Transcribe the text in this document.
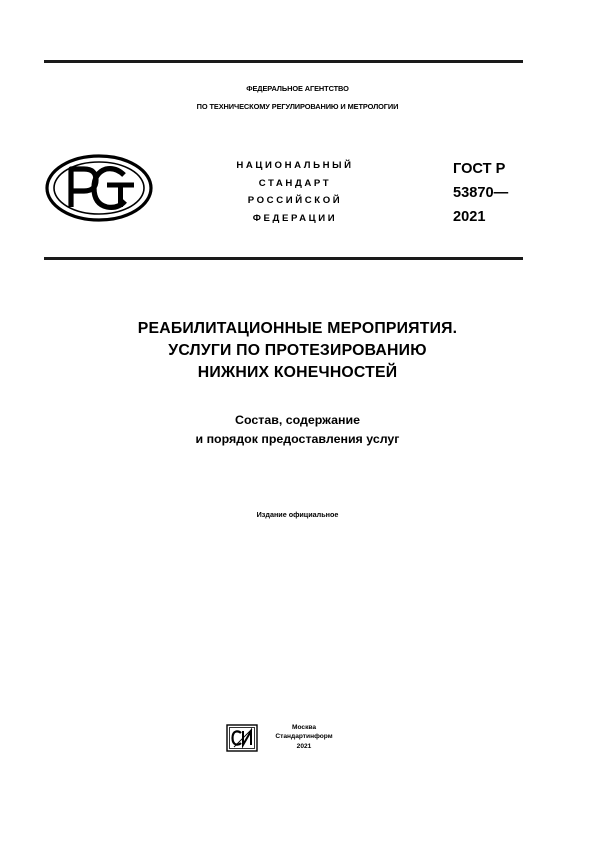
ФЕДЕРАЛЬНОЕ АГЕНТСТВО
ПО ТЕХНИЧЕСКОМУ РЕГУЛИРОВАНИЮ И МЕТРОЛОГИИ
НАЦИОНАЛЬНЫЙ
СТАНДАРТ
РОССИЙСКОЙ
ФЕДЕРАЦИИ
ГОСТ Р
53870—
2021
РЕАБИЛИТАЦИОННЫЕ МЕРОПРИЯТИЯ.
УСЛУГИ ПО ПРОТЕЗИРОВАНИЮ
НИЖНИХ КОНЕЧНОСТЕЙ
Состав, содержание
и порядок предоставления услуг
Издание официальное
Москва
Стандартинформ
2021
